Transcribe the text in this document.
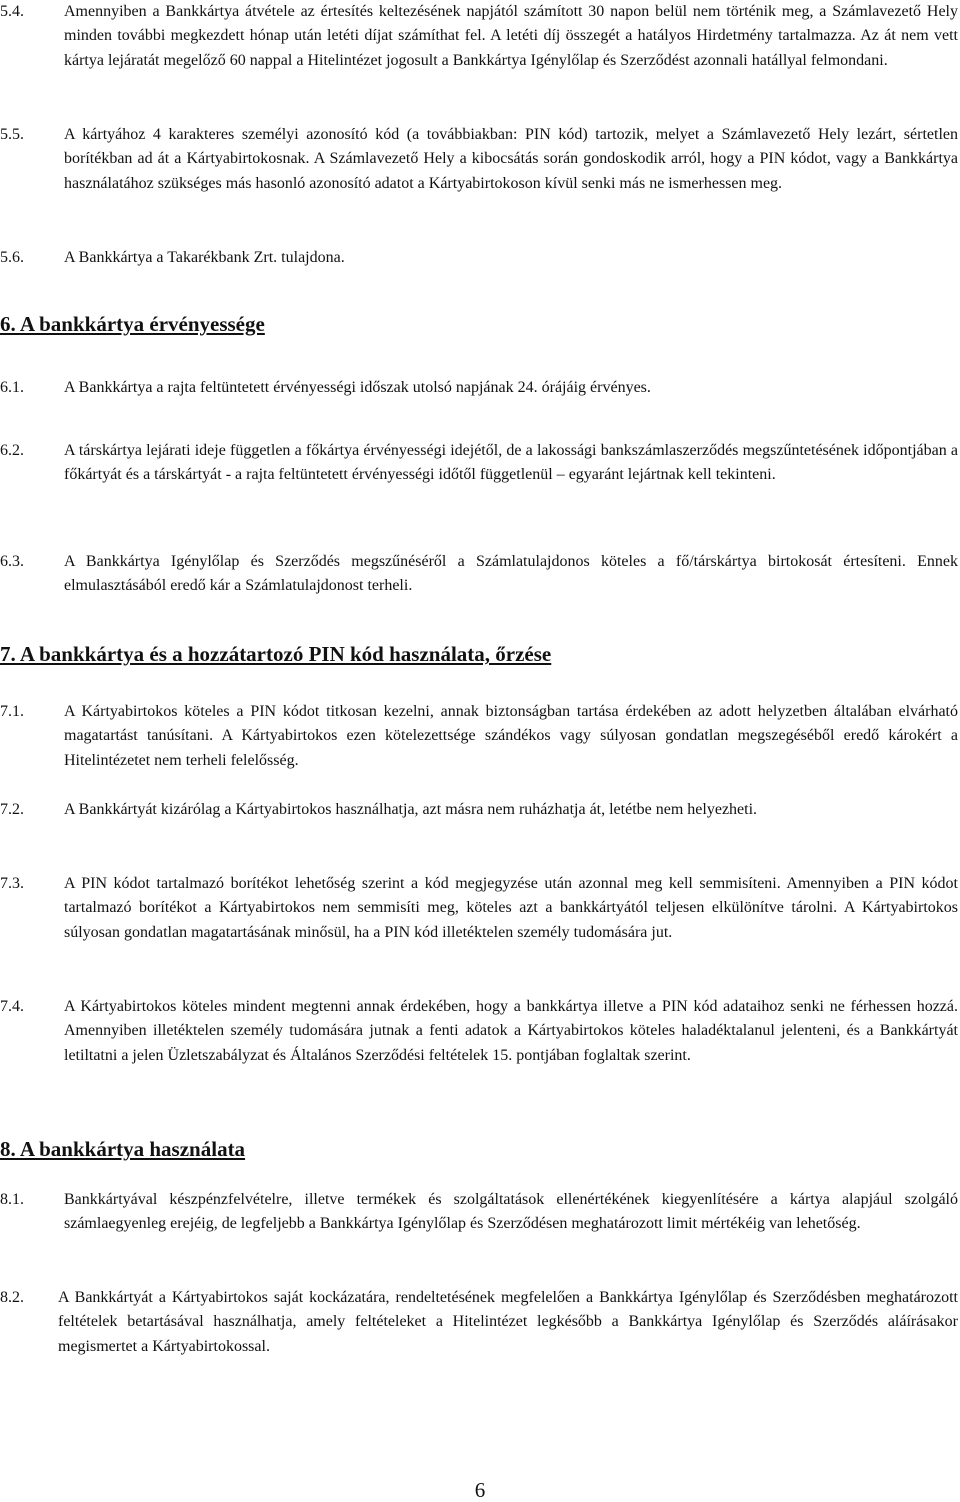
5.4.	Amennyiben a Bankkártya átvétele az értesítés keltezésének napjától számított 30 napon belül nem történik meg, a Számlavezető Hely minden további megkezdett hónap után letéti díjat számíthat fel. A letéti díj összegét a hatályos Hirdetmény tartalmazza. Az át nem vett kártya lejáratát megelőző 60 nappal a Hitelintézet jogosult a Bankkártya Igénylőlap és Szerződést azonnali hatállyal felmondani.
5.5.	A kártyához 4 karakteres személyi azonosító kód (a továbbiakban: PIN kód) tartozik, melyet a Számlavezető Hely lezárt, sértetlen borítékban ad át a Kártyabirtokosnak. A Számlavezető Hely a kibocsátás során gondoskodik arról, hogy a PIN kódot, vagy a Bankkártya használatához szükséges más hasonló azonosító adatot a Kártyabirtokoson kívül senki más ne ismerhessen meg.
5.6.	A Bankkártya a Takarékbank Zrt. tulajdona.
6. A bankkártya érvényessége
6.1.	A Bankkártya a rajta feltüntetett érvényességi időszak utolsó napjának 24. órájáig érvényes.
6.2.	A társkártya lejárati ideje független a főkártya érvényességi idejétől, de a lakossági bankszámlaszerződés megszűntetésének időpontjában a főkártyát és a társkártyát - a rajta feltüntetett érvényességi időtől függetlenül – egyaránt lejártnak kell tekinteni.
6.3.	A Bankkártya Igénylőlap és Szerződés megszűnéséről a Számlatulajdonos köteles a fő/társkártya birtokosát értesíteni. Ennek elmulasztásából eredő kár a Számlatulajdonost terheli.
7. A bankkártya és a hozzátartozó PIN kód használata, őrzése
7.1.	A Kártyabirtokos köteles a PIN kódot titkosan kezelni, annak biztonságban tartása érdekében az adott helyzetben általában elvárható magatartást tanúsítani. A Kártyabirtokos ezen kötelezettsége szándékos vagy súlyosan gondatlan megszegéséből eredő károkért a Hitelintézetet nem terheli felelősség.
7.2.	A Bankkártyát kizárólag a Kártyabirtokos használhatja, azt másra nem ruházhatja át, letétbe nem helyezheti.
7.3.	A PIN kódot tartalmazó borítékot lehetőség szerint a kód megjegyzése után azonnal meg kell semmisíteni. Amennyiben a PIN kódot tartalmazó borítékot a Kártyabirtokos nem semmisíti meg, köteles azt a bankkártyától teljesen elkülönítve tárolni. A Kártyabirtokos súlyosan gondatlan magatartásának minősül, ha a PIN kód illetéktelen személy tudomására jut.
7.4.	A Kártyabirtokos köteles mindent megtenni annak érdekében, hogy a bankkártya illetve a PIN kód adataihoz senki ne férhessen hozzá. Amennyiben illetéktelen személy tudomására jutnak a fenti adatok a Kártyabirtokos köteles haladéktalanul jelenteni, és a Bankkártyát letiltatni a jelen Üzletszabályzat és Általános Szerződési feltételek 15. pontjában foglaltak szerint.
8. A bankkártya használata
8.1.	Bankkártyával készpénzfelvételre, illetve termékek és szolgáltatások ellenértékének kiegyenlítésére a kártya alapjául szolgáló számlaegyenleg erejéig, de legfeljebb a Bankkártya Igénylőlap és Szerződésen meghatározott limit mértékéig van lehetőség.
8.2. A Bankkártyát a Kártyabirtokos saját kockázatára, rendeltetésének megfelelően a Bankkártya Igénylőlap és Szerződésben meghatározott feltételek betartásával használhatja, amely feltételeket a Hitelintézet legkésőbb a Bankkártya Igénylőlap és Szerződés aláírásakor megismertet a Kártyabirtokossal.
6
